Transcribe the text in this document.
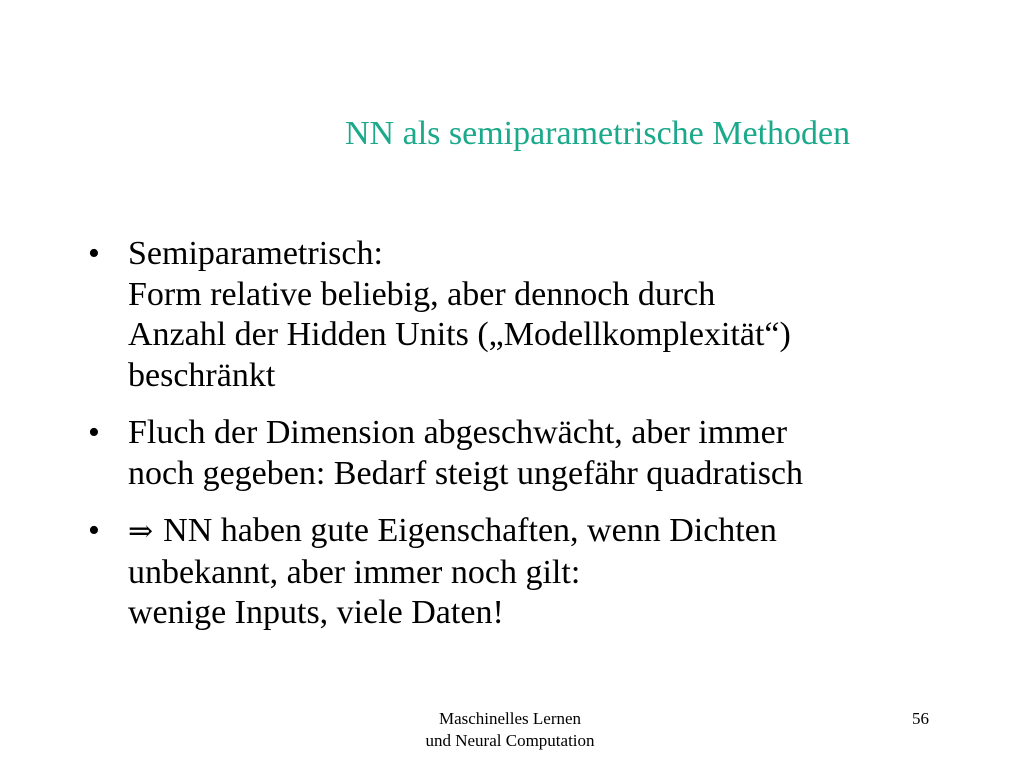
NN als semiparametrische Methoden
• Semiparametrisch:
Form relative beliebig, aber dennoch durch
Anzahl der Hidden Units („Modellkomplexität“)
beschränkt
• Fluch der Dimension abgeschwächt, aber immer
noch gegeben: Bedarf steigt ungefähr quadratisch
• ⇒ NN haben gute Eigenschaften, wenn Dichten
unbekannt, aber immer noch gilt:
wenige Inputs, viele Daten!
Maschinelles Lernen
und Neural Computation
56
